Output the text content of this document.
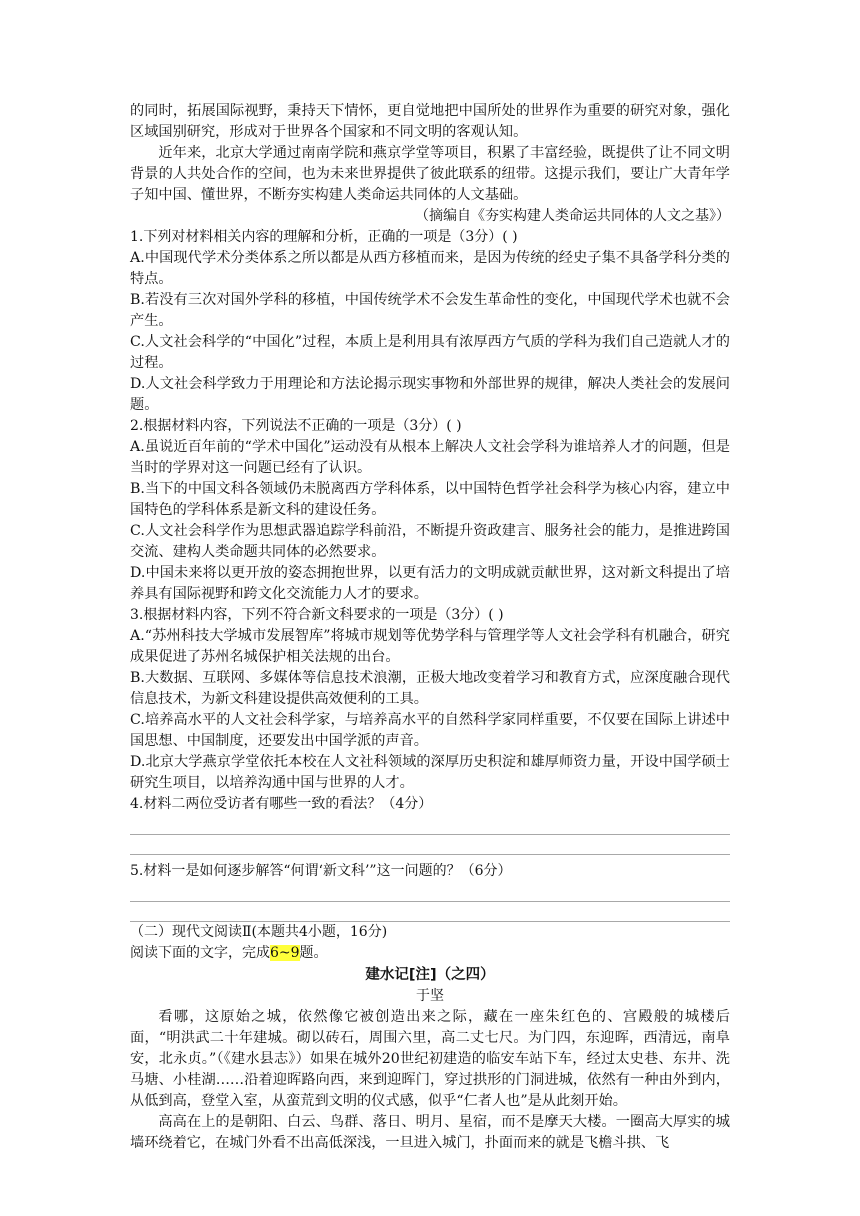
的同时，拓展国际视野，秉持天下情怀，更自觉地把中国所处的世界作为重要的研究对象，强化区域国别研究，形成对于世界各个国家和不同文明的客观认知。

近年来，北京大学通过南南学院和燕京学堂等项目，积累了丰富经验，既提供了让不同文明背景的人共处合作的空间，也为未来世界提供了彼此联系的纽带。这提示我们，要让广大青年学子知中国、懂世界，不断夯实构建人类命运共同体的人文基础。

（摘编自《夯实构建人类命运共同体的人文之基》）

1.下列对材料相关内容的理解和分析，正确的一项是（3分）( )

A.中国现代学术分类体系之所以都是从西方移植而来，是因为传统的经史子集不具备学科分类的特点。

B.若没有三次对国外学科的移植，中国传统学术不会发生革命性的变化，中国现代学术也就不会产生。

C.人文社会科学的“中国化”过程，本质上是利用具有浓厚西方气质的学科为我们自己造就人才的过程。

D.人文社会科学致力于用理论和方法论揭示现实事物和外部世界的规律，解决人类社会的发展问题。

2.根据材料内容，下列说法不正确的一项是（3分）( )

A.虽说近百年前的“学术中国化”运动没有从根本上解决人文社会学科为谁培养人才的问题，但是当时的学界对这一问题已经有了认识。

B.当下的中国文科各领域仍未脱离西方学科体系，以中国特色哲学社会科学为核心内容，建立中国特色的学科体系是新文科的建设任务。

C.人文社会科学作为思想武器追踪学科前沿，不断提升资政建言、服务社会的能力，是推进跨国交流、建构人类命题共同体的必然要求。

D.中国未来将以更开放的姿态拥抱世界，以更有活力的文明成就贡献世界，这对新文科提出了培养具有国际视野和跨文化交流能力人才的要求。

3.根据材料内容，下列不符合新文科要求的一项是（3分）( )

A.“苏州科技大学城市发展智库”将城市规划等优势学科与管理学等人文社会学科有机融合，研究成果促进了苏州名城保护相关法规的出台。

B.大数据、互联网、多媒体等信息技术浪潮，正极大地改变着学习和教育方式，应深度融合现代信息技术，为新文科建设提供高效便利的工具。

C.培养高水平的人文社会科学家，与培养高水平的自然科学家同样重要，不仅要在国际上讲述中国思想、中国制度，还要发出中国学派的声音。

D.北京大学燕京学堂依托本校在人文社科领域的深厚历史积淀和雄厚师资力量，开设中国学硕士研究生项目，以培养沟通中国与世界的人才。

4.材料二两位受访者有哪些一致的看法？（4分）

5.材料一是如何逐步解答“何谓‘新文科’”这一问题的？（6分）

（二）现代文阅读Ⅱ(本题共4小题，16分)

阅读下面的文字，完成6~9题。

建水记[注]（之四）

于坚

看哪，这原始之城，依然像它被创造出来之际，藏在一座朱红色的、宫殿般的城楼后面，“明洪武二十年建城。砌以砖石，周围六里，高二丈七尺。为门四，东迎晖，西清远，南阜安，北永贞。”（《建水县志》）如果在城外20世纪初建造的临安车站下车，经过太史巷、东井、洗马塘、小桂湖……沿着迎晖路向西，来到迎晖门，穿过拱形的门洞进城，依然有一种由外到内，从低到高，登堂入室，从蛮荒到文明的仪式感，似乎“仁者人也”是从此刻开始。

高高在上的是朝阳、白云、鸟群、落日、明月、星宿，而不是摩天大楼。一圈高大厚实的城墙环绕着它，在城门外看不出高低深浅，一旦进入城门，扑面而来的就是飞檐斗拱、飞
